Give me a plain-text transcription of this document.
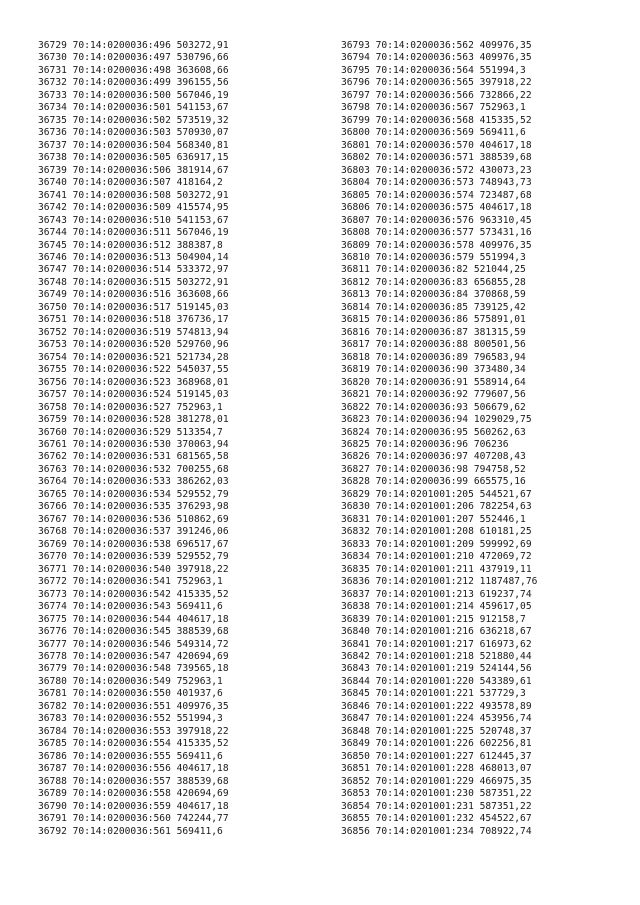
36729 70:14:0200036:496 503272,91
36730 70:14:0200036:497 530796,66
36731 70:14:0200036:498 363608,66
36732 70:14:0200036:499 396155,56
36733 70:14:0200036:500 567046,19
36734 70:14:0200036:501 541153,67
36735 70:14:0200036:502 573519,32
36736 70:14:0200036:503 570930,07
36737 70:14:0200036:504 568340,81
36738 70:14:0200036:505 636917,15
36739 70:14:0200036:506 381914,67
36740 70:14:0200036:507 418164,2
36741 70:14:0200036:508 503272,91
36742 70:14:0200036:509 415574,95
36743 70:14:0200036:510 541153,67
36744 70:14:0200036:511 567046,19
36745 70:14:0200036:512 388387,8
36746 70:14:0200036:513 504904,14
36747 70:14:0200036:514 533372,97
36748 70:14:0200036:515 503272,91
36749 70:14:0200036:516 363608,66
36750 70:14:0200036:517 519145,03
36751 70:14:0200036:518 376736,17
36752 70:14:0200036:519 574813,94
36753 70:14:0200036:520 529760,96
36754 70:14:0200036:521 521734,28
36755 70:14:0200036:522 545037,55
36756 70:14:0200036:523 368968,01
36757 70:14:0200036:524 519145,03
36758 70:14:0200036:527 752963,1
36759 70:14:0200036:528 381278,01
36760 70:14:0200036:529 513354,7
36761 70:14:0200036:530 370063,94
36762 70:14:0200036:531 681565,58
36763 70:14:0200036:532 700255,68
36764 70:14:0200036:533 386262,03
36765 70:14:0200036:534 529552,79
36766 70:14:0200036:535 376293,98
36767 70:14:0200036:536 510862,69
36768 70:14:0200036:537 391246,06
36769 70:14:0200036:538 696517,67
36770 70:14:0200036:539 529552,79
36771 70:14:0200036:540 397918,22
36772 70:14:0200036:541 752963,1
36773 70:14:0200036:542 415335,52
36774 70:14:0200036:543 569411,6
36775 70:14:0200036:544 404617,18
36776 70:14:0200036:545 388539,68
36777 70:14:0200036:546 549314,72
36778 70:14:0200036:547 420694,69
36779 70:14:0200036:548 739565,18
36780 70:14:0200036:549 752963,1
36781 70:14:0200036:550 401937,6
36782 70:14:0200036:551 409976,35
36783 70:14:0200036:552 551994,3
36784 70:14:0200036:553 397918,22
36785 70:14:0200036:554 415335,52
36786 70:14:0200036:555 569411,6
36787 70:14:0200036:556 404617,18
36788 70:14:0200036:557 388539,68
36789 70:14:0200036:558 420694,69
36790 70:14:0200036:559 404617,18
36791 70:14:0200036:560 742244,77
36792 70:14:0200036:561 569411,6
36793 70:14:0200036:562 409976,35
36794 70:14:0200036:563 409976,35
36795 70:14:0200036:564 551994,3
36796 70:14:0200036:565 397918,22
36797 70:14:0200036:566 732866,22
36798 70:14:0200036:567 752963,1
36799 70:14:0200036:568 415335,52
36800 70:14:0200036:569 569411,6
36801 70:14:0200036:570 404617,18
36802 70:14:0200036:571 388539,68
36803 70:14:0200036:572 430073,23
36804 70:14:0200036:573 748943,73
36805 70:14:0200036:574 723487,68
36806 70:14:0200036:575 404617,18
36807 70:14:0200036:576 963310,45
36808 70:14:0200036:577 573431,16
36809 70:14:0200036:578 409976,35
36810 70:14:0200036:579 551994,3
36811 70:14:0200036:82 521044,25
36812 70:14:0200036:83 656855,28
36813 70:14:0200036:84 370868,59
36814 70:14:0200036:85 739125,42
36815 70:14:0200036:86 575891,01
36816 70:14:0200036:87 381315,59
36817 70:14:0200036:88 800501,56
36818 70:14:0200036:89 796583,94
36819 70:14:0200036:90 373480,34
36820 70:14:0200036:91 558914,64
36821 70:14:0200036:92 779607,56
36822 70:14:0200036:93 506679,62
36823 70:14:0200036:94 1029029,75
36824 70:14:0200036:95 560262,63
36825 70:14:0200036:96 706236
36826 70:14:0200036:97 407208,43
36827 70:14:0200036:98 794758,52
36828 70:14:0200036:99 665575,16
36829 70:14:0201001:205 544521,67
36830 70:14:0201001:206 782254,63
36831 70:14:0201001:207 552446,1
36832 70:14:0201001:208 610181,25
36833 70:14:0201001:209 599992,69
36834 70:14:0201001:210 472069,72
36835 70:14:0201001:211 437919,11
36836 70:14:0201001:212 1187487,76
36837 70:14:0201001:213 619237,74
36838 70:14:0201001:214 459617,05
36839 70:14:0201001:215 912158,7
36840 70:14:0201001:216 636218,67
36841 70:14:0201001:217 616973,62
36842 70:14:0201001:218 521880,44
36843 70:14:0201001:219 524144,56
36844 70:14:0201001:220 543389,61
36845 70:14:0201001:221 537729,3
36846 70:14:0201001:222 493578,89
36847 70:14:0201001:224 453956,74
36848 70:14:0201001:225 520748,37
36849 70:14:0201001:226 602256,81
36850 70:14:0201001:227 612445,37
36851 70:14:0201001:228 468013,07
36852 70:14:0201001:229 466975,35
36853 70:14:0201001:230 587351,22
36854 70:14:0201001:231 587351,22
36855 70:14:0201001:232 454522,67
36856 70:14:0201001:234 708922,74
